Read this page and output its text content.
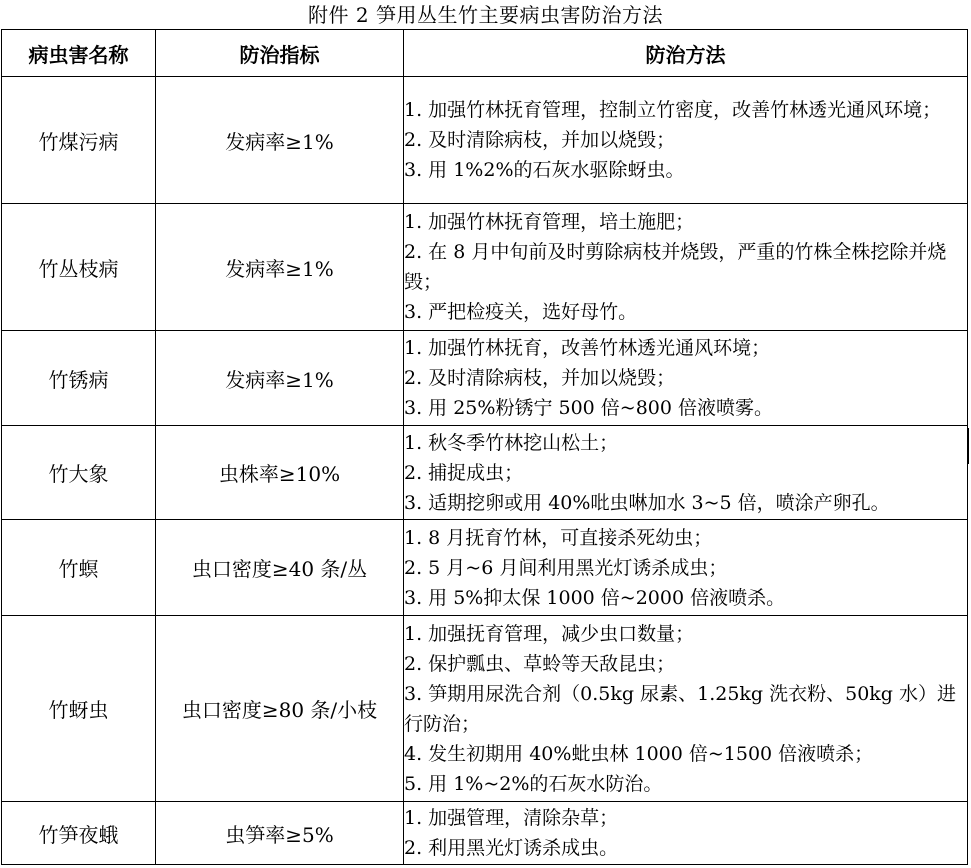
附件 2 笋用丛生竹主要病虫害防治方法
病虫害名称	防治指标	防治方法
竹煤污病	发病率≥1%	1. 加强竹林抚育管理，控制立竹密度，改善竹林透光通风环境；
2. 及时清除病枝，并加以烧毁；
3. 用 1%2%的石灰水驱除蚜虫。

竹丛枝病	发病率≥1%	1. 加强竹林抚育管理，培土施肥；
2. 在 8 月中旬前及时剪除病枝并烧毁，严重的竹株全株挖除并烧毁；
3. 严把检疫关，选好母竹。

竹锈病	发病率≥1%	1. 加强竹林抚育，改善竹林透光通风环境；
2. 及时清除病枝，并加以烧毁；
3. 用 25%粉锈宁 500 倍~800 倍液喷雾。

竹大象	虫株率≥10%	1. 秋冬季竹林挖山松土；
2. 捕捉成虫；
3. 适期挖卵或用 40%吡虫啉加水 3~5 倍，喷涂产卵孔。

竹螟	虫口密度≥40 条/丛	1. 8 月抚育竹林，可直接杀死幼虫；
2. 5 月~6 月间利用黑光灯诱杀成虫；
3. 用 5%抑太保 1000 倍~2000 倍液喷杀。

竹蚜虫	虫口密度≥80 条/小枝	1. 加强抚育管理，减少虫口数量；
2. 保护瓢虫、草蛉等天敌昆虫；
3. 笋期用尿洗合剂（0.5kg 尿素、1.25kg 洗衣粉、50kg 水）进行防治；
4. 发生初期用 40%蚍虫林 1000 倍~1500 倍液喷杀；
5. 用 1%~2%的石灰水防治。

竹笋夜蛾	虫笋率≥5%	1. 加强管理，清除杂草；
2. 利用黑光灯诱杀成虫。
